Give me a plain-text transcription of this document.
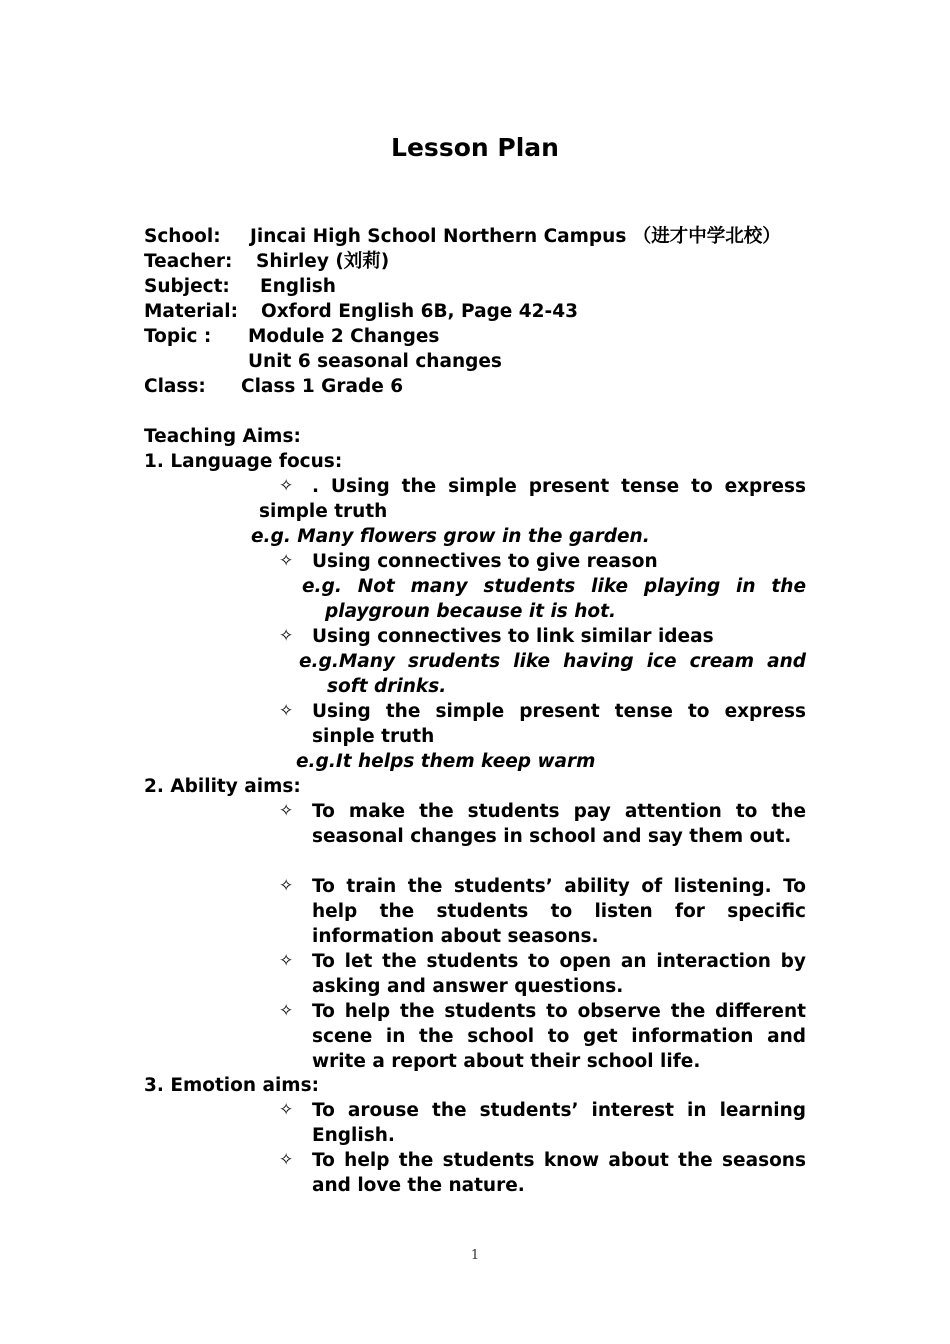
Lesson Plan
School: Jincai High School Northern Campus （进才中学北校）
Teacher: Shirley (刘莉)
Subject: English
Material: Oxford English 6B, Page 42-43
Topic : Module 2 Changes
Unit 6 seasonal changes
Class: Class 1 Grade 6
Teaching Aims:
1. Language focus:
✧ . Using the simple present tense to express
simple truth
e.g. Many flowers grow in the garden.
✧ Using connectives to give reason
e.g. Not many students like playing in the
playgroun because it is hot.
✧ Using connectives to link similar ideas
e.g.Many srudents like having ice cream and
soft drinks.
✧ Using the simple present tense to express sinple truth
e.g.It helps them keep warm
2. Ability aims:
✧ To make the students pay attention to the seasonal changes in school and say them out.
✧ To train the students’ ability of listening. To help the students to listen for specific information about seasons.
✧ To let the students to open an interaction by asking and answer questions.
✧ To help the students to observe the different scene in the school to get information and write a report about their school life.
3. Emotion aims:
✧ To arouse the students’ interest in learning English.
✧ To help the students know about the seasons and love the nature.
1
